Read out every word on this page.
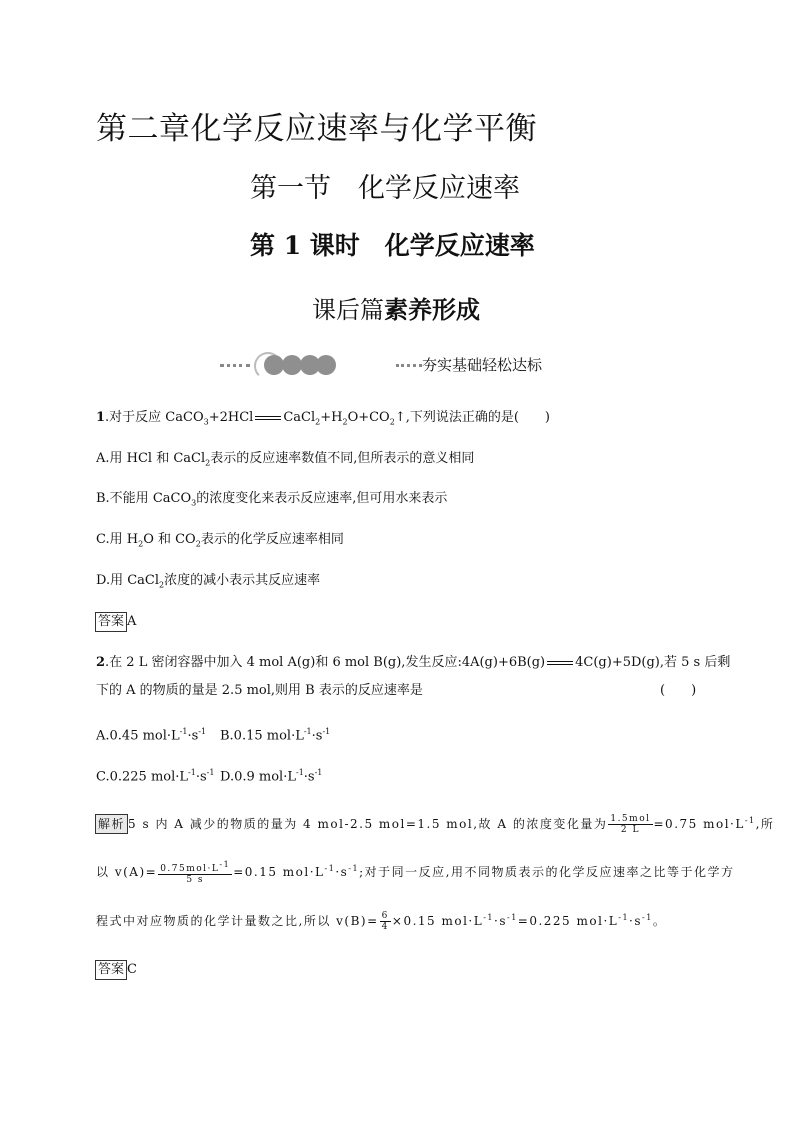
第二章化学反应速率与化学平衡
第一节　化学反应速率
第 1 课时　化学反应速率
课后篇素养形成
夯实基础轻松达标
1.对于反应 CaCO$_3$+2HCl $CaCl_2+H_2O+CO_2↑$,下列说法正确的是(　　)
A.用 HCl 和 CaCl$_2$表示的反应速率数值不同,但所表示的意义相同
B.不能用 CaCO$_3$的浓度变化来表示反应速率,但可用水来表示
C.用 $H_2O$ 和 $CO_2$表示的化学反应速率相同
D.用 CaCl$_2$浓度的减小表示其反应速率
答案 A
2.在 2 L 密闭容器中加入 4 mol A(g)和 6 mol B(g),发生反应:4A(g)+6B(g) 4C(g)+5D(g),若 5 s 后剩
下的 A 的物质的量是 2.5 mol,则用 B 表示的反应速率是	(　　)
A.0.45 $mol\cdot L^{-1}\cdot s^{-1}$ B.0.15 $mol\cdot L^{-1}\cdot s^{-1}$
C.0.225 $mol\cdot L^{-1}\cdot s^{-1}$ D.0.9 $mol\cdot L^{-1}\cdot s^{-1}$
解析 5 s 内 A 减少的物质的量为 4 mol-2.5 mol=1.5 mol,故 A 的浓度变化量为 $\frac{\text{1.5mol}}{2 L} =0.75$ $mol\cdot L^{-1}$,所
以 $v(A)= \frac{0.75mol\cdot L^{-1}}{5 s} =0.15$ $mol\cdot L^{-1}\cdot s^{-1}$;对于同一反应,用不同物质表示的化学反应速率之比等于化学方
程式中对应物质的化学计量数之比,所以 $v(B)= \frac{6}{4} \times 0.15$ $mol\cdot L^{-1}\cdot s^{-1}=0.225$ $mol\cdot L^{-1}\cdot s^{-1}$。
答案 C
